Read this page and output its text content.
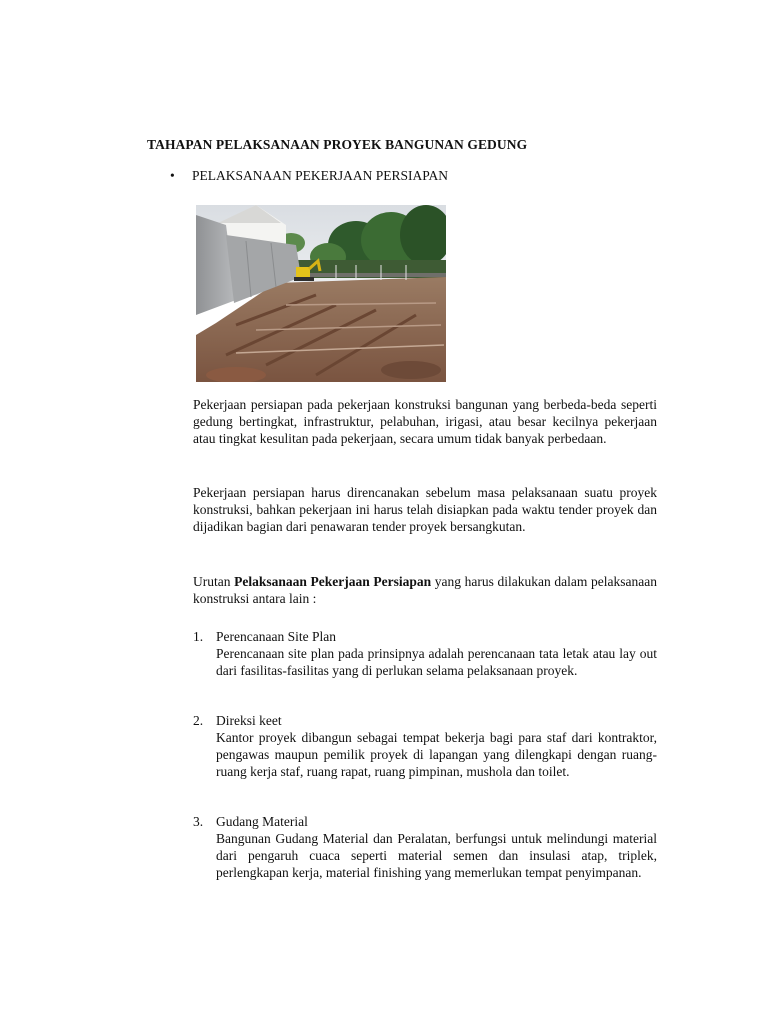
TAHAPAN PELAKSANAAN PROYEK BANGUNAN GEDUNG
• PELAKSANAAN PEKERJAAN PERSIAPAN
Pekerjaan persiapan pada pekerjaan konstruksi bangunan yang berbeda-beda seperti gedung bertingkat, infrastruktur, pelabuhan, irigasi, atau besar kecilnya pekerjaan atau tingkat kesulitan pada pekerjaan, secara umum tidak banyak perbedaan.
Pekerjaan persiapan harus direncanakan sebelum masa pelaksanaan suatu proyek konstruksi, bahkan pekerjaan ini harus telah disiapkan pada waktu tender proyek dan dijadikan bagian dari penawaran tender proyek bersangkutan.
Urutan Pelaksanaan Pekerjaan Persiapan yang harus dilakukan dalam pelaksanaan konstruksi antara lain :
1. Perencanaan Site Plan
Perencanaan site plan pada prinsipnya adalah perencanaan tata letak atau lay out dari fasilitas-fasilitas yang di perlukan selama pelaksanaan proyek.
2. Direksi keet
Kantor proyek dibangun sebagai tempat bekerja bagi para staf dari kontraktor, pengawas maupun pemilik proyek di lapangan yang dilengkapi dengan ruang-ruang kerja staf, ruang rapat, ruang pimpinan, mushola dan toilet.
3. Gudang Material
Bangunan Gudang Material dan Peralatan, berfungsi untuk melindungi material dari pengaruh cuaca seperti material semen dan insulasi atap, triplek, perlengkapan kerja, material finishing yang memerlukan tempat penyimpanan.
